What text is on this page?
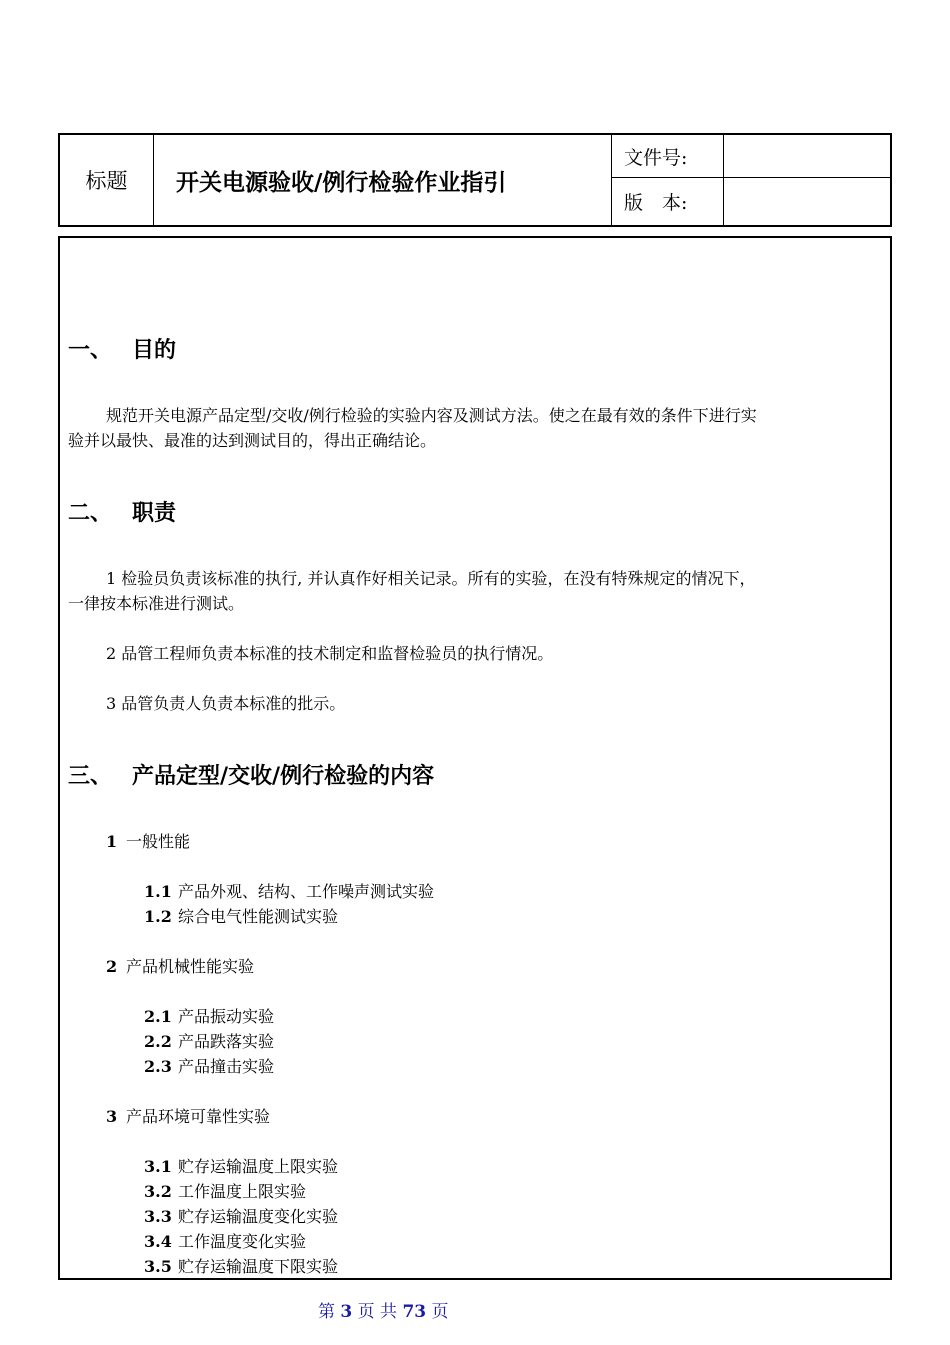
标题	开关电源验收/例行检验作业指引
文件号:
版　本:
一、 目的
规范开关电源产品定型/交收/例行检验的实验内容及测试方法。使之在最有效的条件下进行实
验并以最快、最准的达到测试目的，得出正确结论。
二、 职责
1 检验员负责该标准的执行, 并认真作好相关记录。所有的实验，在没有特殊规定的情况下，
一律按本标准进行测试。
2 品管工程师负责本标准的技术制定和监督检验员的执行情况。
3 品管负责人负责本标准的批示。
三、 产品定型/交收/例行检验的内容
1 一般性能
1.1 产品外观、结构、工作噪声测试实验
1.2 综合电气性能测试实验
2 产品机械性能实验
2.1 产品振动实验
2.2 产品跌落实验
2.3 产品撞击实验
3 产品环境可靠性实验
3.1 贮存运输温度上限实验
3.2 工作温度上限实验
3.3 贮存运输温度变化实验
3.4 工作温度变化实验
3.5 贮存运输温度下限实验
第 3 页 共 73 页
